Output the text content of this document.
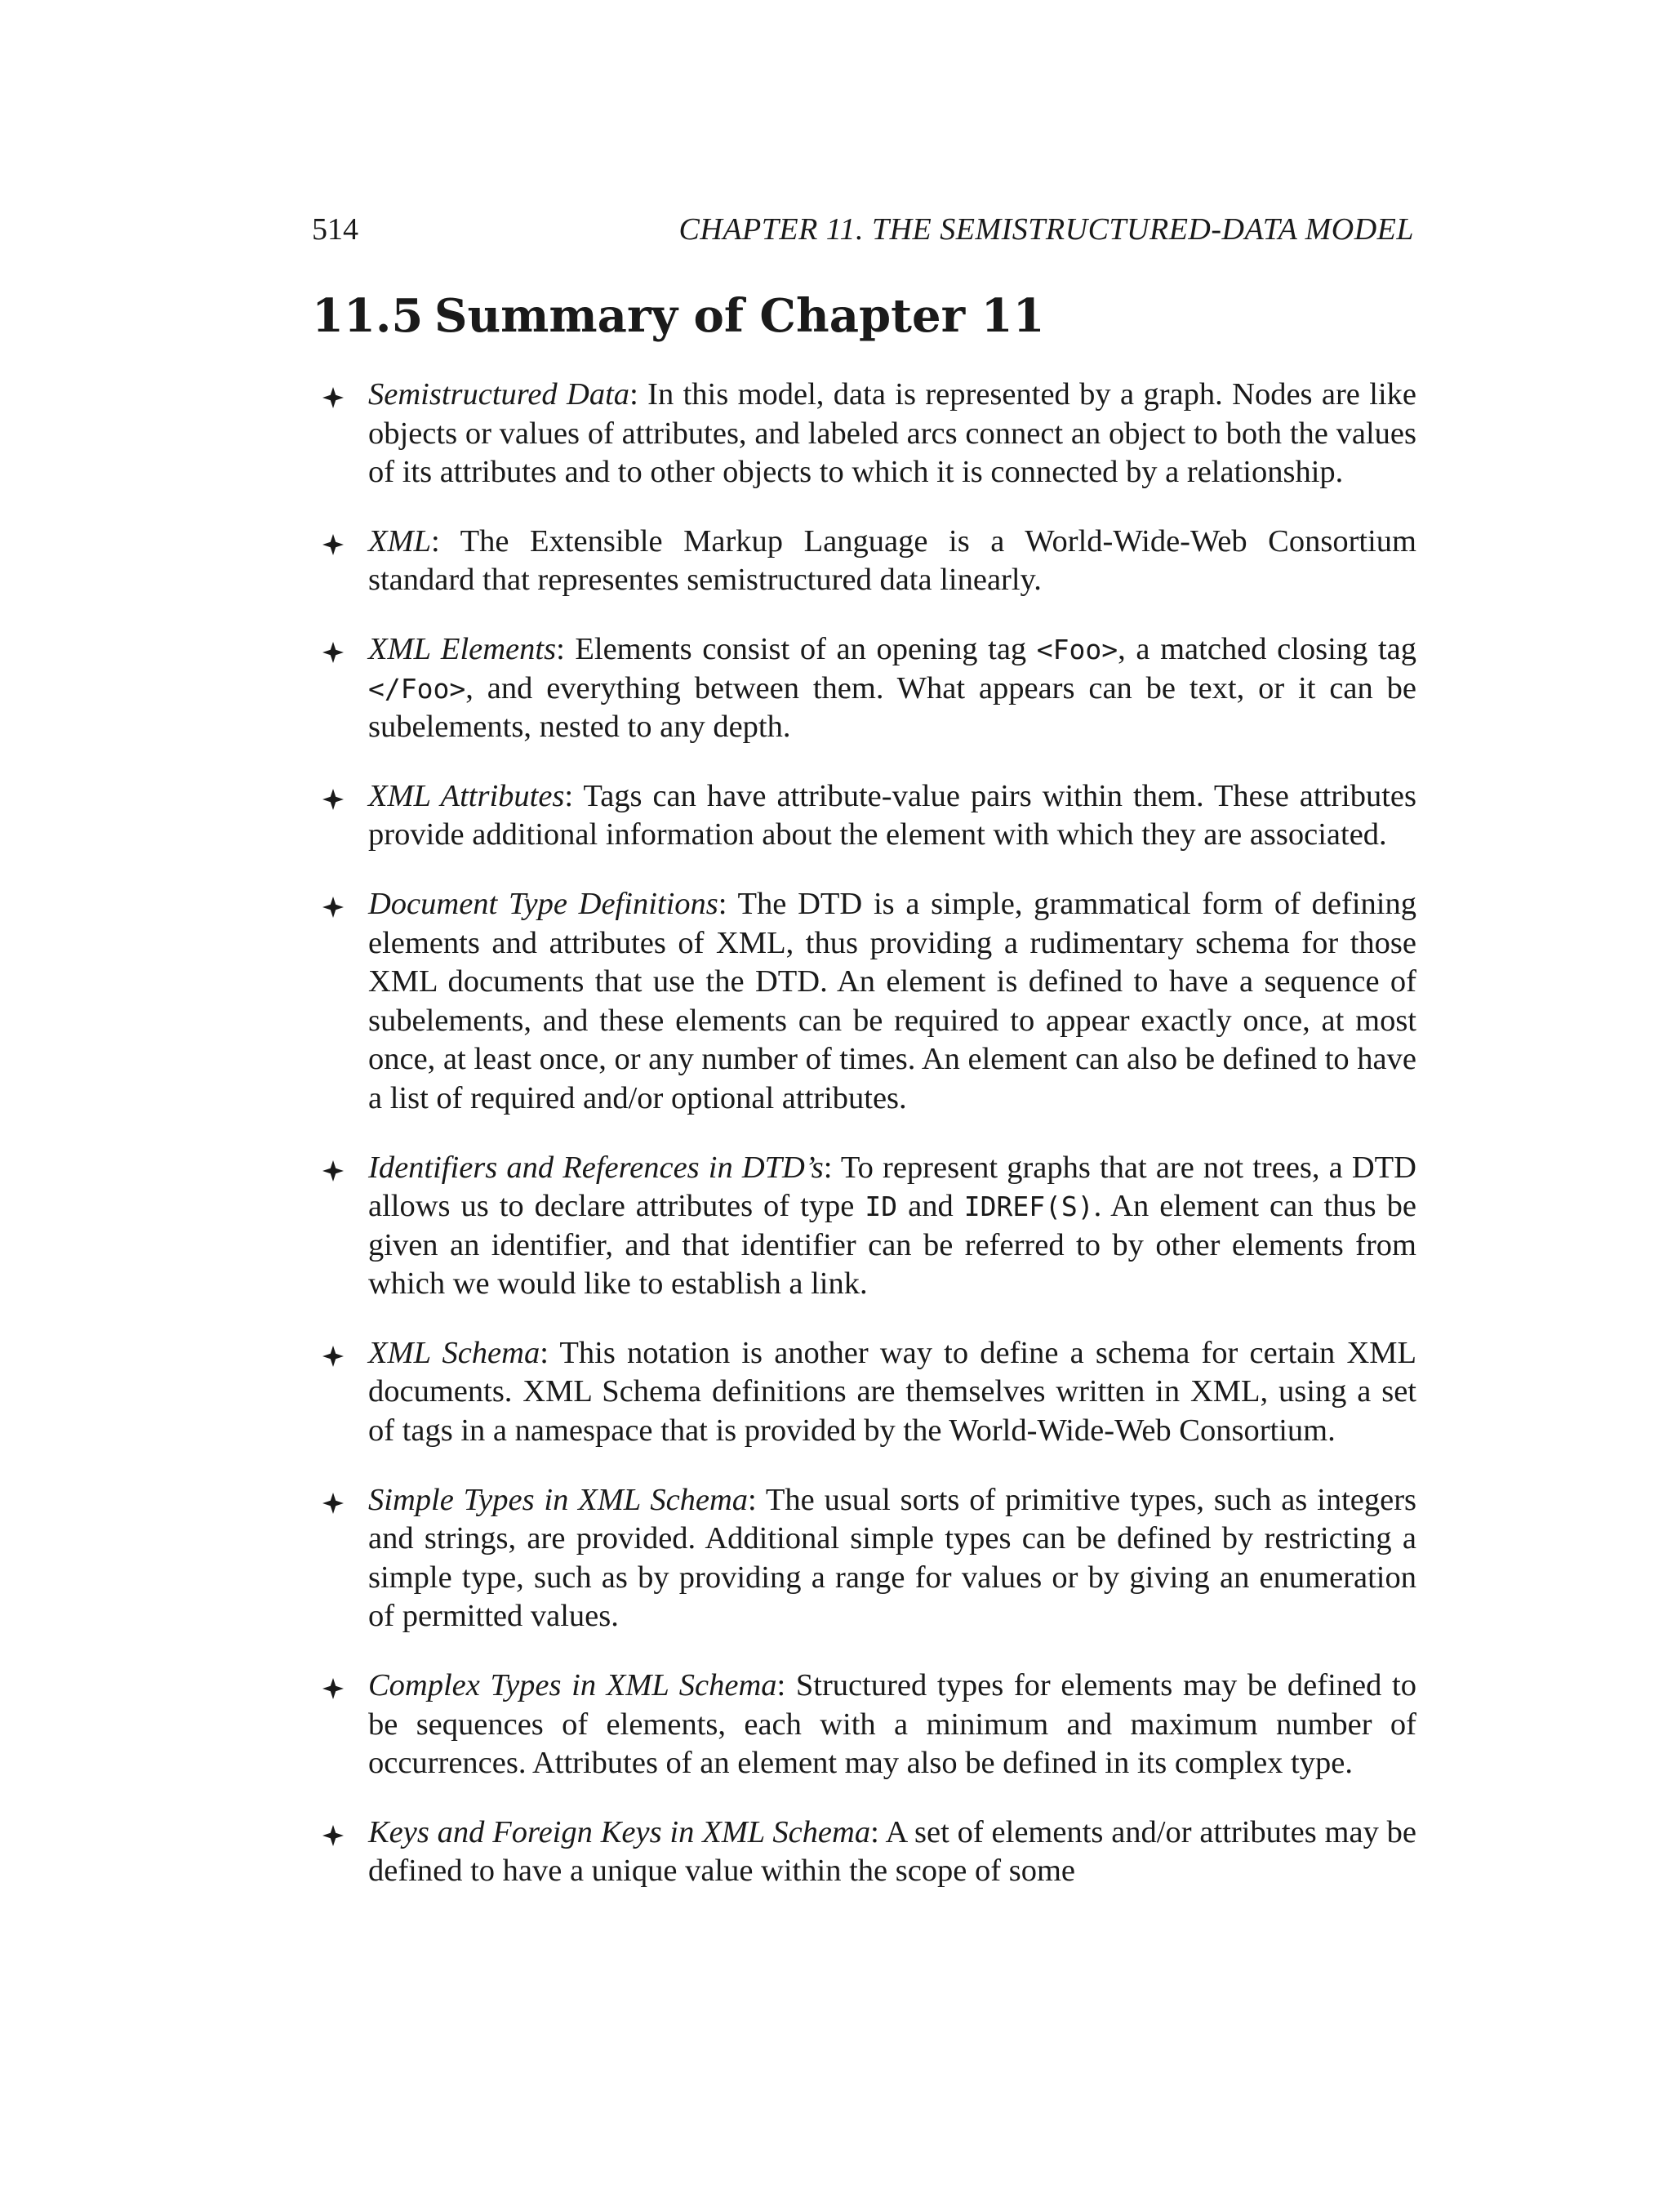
514	CHAPTER 11. THE SEMISTRUCTURED-DATA MODEL
11.5 Summary of Chapter 11
Semistructured Data: In this model, data is represented by a graph. Nodes are like objects or values of attributes, and labeled arcs connect an object to both the values of its attributes and to other objects to which it is connected by a relationship.
XML: The Extensible Markup Language is a World-Wide-Web Consortium standard that representes semistructured data linearly.
XML Elements: Elements consist of an opening tag <Foo>, a matched closing tag </Foo>, and everything between them. What appears can be text, or it can be subelements, nested to any depth.
XML Attributes: Tags can have attribute-value pairs within them. These attributes provide additional information about the element with which they are associated.
Document Type Definitions: The DTD is a simple, grammatical form of defining elements and attributes of XML, thus providing a rudimentary schema for those XML documents that use the DTD. An element is defined to have a sequence of subelements, and these elements can be required to appear exactly once, at most once, at least once, or any number of times. An element can also be defined to have a list of required and/or optional attributes.
Identifiers and References in DTD’s: To represent graphs that are not trees, a DTD allows us to declare attributes of type ID and IDREF(S). An element can thus be given an identifier, and that identifier can be referred to by other elements from which we would like to establish a link.
XML Schema: This notation is another way to define a schema for certain XML documents. XML Schema definitions are themselves written in XML, using a set of tags in a namespace that is provided by the World-Wide-Web Consortium.
Simple Types in XML Schema: The usual sorts of primitive types, such as integers and strings, are provided. Additional simple types can be defined by restricting a simple type, such as by providing a range for values or by giving an enumeration of permitted values.
Complex Types in XML Schema: Structured types for elements may be defined to be sequences of elements, each with a minimum and maximum number of occurrences. Attributes of an element may also be defined in its complex type.
Keys and Foreign Keys in XML Schema: A set of elements and/or attributes may be defined to have a unique value within the scope of some
